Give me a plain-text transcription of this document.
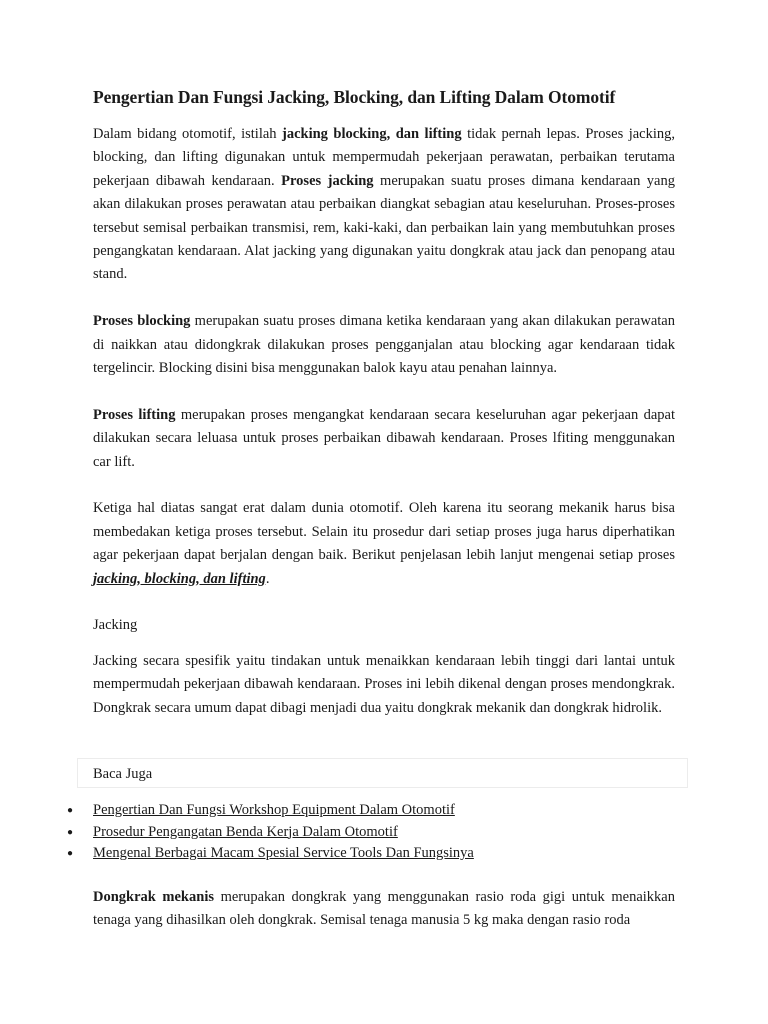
Pengertian Dan Fungsi Jacking, Blocking, dan Lifting Dalam Otomotif

Dalam bidang otomotif, istilah jacking blocking, dan lifting tidak pernah lepas. Proses jacking, blocking, dan lifting digunakan untuk mempermudah pekerjaan perawatan, perbaikan terutama pekerjaan dibawah kendaraan. Proses jacking merupakan suatu proses dimana kendaraan yang akan dilakukan proses perawatan atau perbaikan diangkat sebagian atau keseluruhan. Proses-proses tersebut semisal perbaikan transmisi, rem, kaki-kaki, dan perbaikan lain yang membutuhkan proses pengangkatan kendaraan. Alat jacking yang digunakan yaitu dongkrak atau jack dan penopang atau stand.

Proses blocking merupakan suatu proses dimana ketika kendaraan yang akan dilakukan perawatan di naikkan atau didongkrak dilakukan proses pengganjalan atau blocking agar kendaraan tidak tergelincir. Blocking disini bisa menggunakan balok kayu atau penahan lainnya.

Proses lifting merupakan proses mengangkat kendaraan secara keseluruhan agar pekerjaan dapat dilakukan secara leluasa untuk proses perbaikan dibawah kendaraan. Proses lfiting menggunakan car lift.

Ketiga hal diatas sangat erat dalam dunia otomotif. Oleh karena itu seorang mekanik harus bisa membedakan ketiga proses tersebut. Selain itu prosedur dari setiap proses juga harus diperhatikan agar pekerjaan dapat berjalan dengan baik. Berikut penjelasan lebih lanjut mengenai setiap proses jacking, blocking, dan lifting.

Jacking

Jacking secara spesifik yaitu tindakan untuk menaikkan kendaraan lebih tinggi dari lantai untuk mempermudah pekerjaan dibawah kendaraan. Proses ini lebih dikenal dengan proses mendongkrak. Dongkrak secara umum dapat dibagi menjadi dua yaitu dongkrak mekanik dan dongkrak hidrolik.

Baca Juga
● Pengertian Dan Fungsi Workshop Equipment Dalam Otomotif
● Prosedur Pengangatan Benda Kerja Dalam Otomotif
● Mengenal Berbagai Macam Spesial Service Tools Dan Fungsinya

Dongkrak mekanis merupakan dongkrak yang menggunakan rasio roda gigi untuk menaikkan tenaga yang dihasilkan oleh dongkrak. Semisal tenaga manusia 5 kg maka dengan rasio roda
